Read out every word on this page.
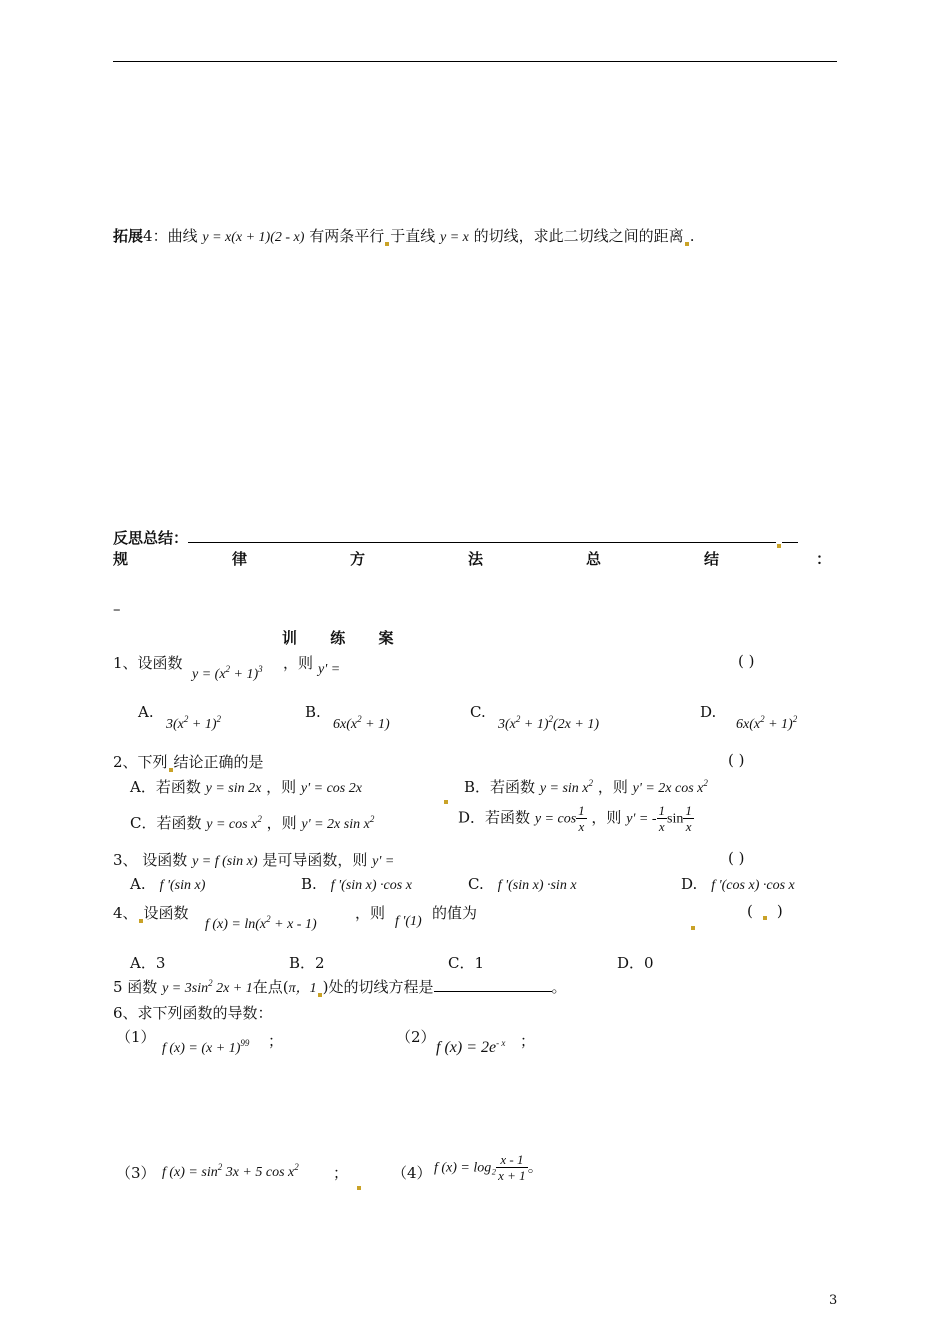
拓展4：曲线 y = x(x + 1)(2 - x) 有两条平行 于直线 y = x 的切线，求此二切线之间的距离 .
反思总结：
规	律	方	法	总	结	：
–
训 练 案
1、设函数
$y = (x^2 + 1)^3$ ，则 y' =	( )
A.
$3(x^2 + 1)^2$	B.
$6x(x^2 + 1)$
C.
$3(x^2 + 1)^2(2x + 1)$
D.
$6x(x^2 + 1)^2$
2、下列 结论正确的是	( )
A．若函数 y = sin 2x ，则 y' = cos 2x	B．若函数 $y = \sin x^2$ ，则 y' = 2x $\cos x^2$
C．若函数 $y = \cos x^2$ ，则 y' = 2x $\sin x^2$	D．若函数 $y = \cos \frac{1}{x}$ ，则 y' = - $\frac{1}{x}$ $\sin \frac{1}{x}$
3、 设函数 y = f (sin x) 是可导函数，则 y' =	( )
A. f '(sin x)	B. f '(sin x) ·cos x	C. f '(sin x) ·sin x	D. f '(cos x) ·cos x
4、 设函数
f $(x) = \ln(x^2 + x - 1)$
，则 f '(1) 的值为	( )
A．3	B．2	C．1	D．0
5 函数 $y = 3\sin^2$ 2x + 1在点(π，1 )处的切线方程是	。
6、求下列函数的导数：
（1）
f $(x) = (x + 1)^{99}$ ；	（2）
f $(x) = 2e^{- x}$ ；
（3） f $(x) = \sin^2 3x + 5$ $\cos x^2$ ；	（4） f $(x) = \log_2 \frac{x - 1}{x + 1}$ 。
3
